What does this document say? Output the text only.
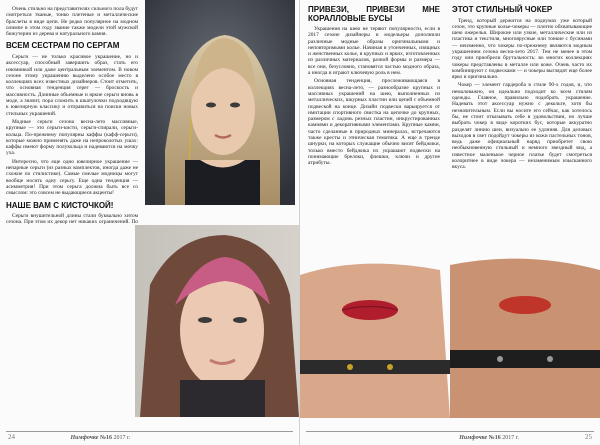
Очень стильно на представителях сильного пола будут смотреться тканые, тонко плетеные и металлические браслеты в виде цепи. Не редко популярное на модном олимпе в этом году звание также модели этой мужской бижутерии из дерева и натурального камня.

ВСЕМ СЕСТРАМ ПО СЕРГАМ

Серьги — не только красивое украшение, но и аксессуар, способный завершить образ, стать его изюминкой или даже центральным элементом. В новом сезоне этому украшению выделено особое место в коллекциях всех известных дизайнеров. Стоит отметить, что основная тенденция серег — броскость и массивность. Длинные объемные и яркие серьги вновь в моде, а значит, пора сложить в шкатулочки подходящую к ювелирную классику и отправиться на поиски новых стильных украшений.

Модные серьги сезона весна-лето массивные, крупные — это серьги-кисти, серьги-спирали, серьги-кольца. По-прежнему популярны каффы (кафф-серьги), которые можно применять даже на непроколотых ушах: каффы имеют форму полукольца и надеваются на мочку уха.

Интересно, что еще одно ювелирное украшение — непарные серьги (из разных комплектов, иногда даже не схожие по стилистике). Самые смелые модницы могут вообще носить одну серьгу. Еще одна тенденция — асимметрия! При этом серьга должна быть все со смыслом: это совсем не выдающиеся акценты!

НАШЕ ВАМ С КИСТОЧКОЙ!

Серьги внушительной длины стали буквально хитом сезона. При этом их декор нет никаких ограничений. По

24	Нимфочке №16 2017 г.
ПРИВЕЗИ, ПРИВЕЗИ МНЕ КОРАЛЛОВЫЕ БУСЫ

Украшения на шею не теряют популярности, если в 2017 сезоне дизайнеры и модельеры дополнили различные модные образы оригинальными и неповторимыми колье. Начиная в утонченных, изящных и женственных колье, в крупных и ярких, изготовленных из различных материалов, разной формы и размера — все они, безусловно, становятся частью модного образа, а иногда и играют ключевую роль в нем.

Основная тенденция, прослеживающаяся в коллекциях весна-лето, — разнообразие крупных и массивных украшений на шею, выполненных из металлических, шкурных пластин или цепей с объемной подвеской на конце. Дизайн подвески варьируется от имитации спортивного свистка на цепочке до крупных, размером с ладонь резных пластин, инкрустированных камнями и декоративными элементами. Крупные камни, часто сделанные в природных минералах, встречаются также кресты и этническая тематика. А еще в тренде шнурки, на которых служащие обычно висят бейджики, только вместо бейджика их украшают подвески на понимающие брелоки, флешки, ключи и другие атрибуты.

ЭТОТ СТИЛЬНЫЙ ЧОКЕР

Тренд, который держится на подиумах уже который сезон, это крупные колье-чокеры — плотно обхватывающие шею ожерелья. Широкие или узкие, металлические или из пластика и текстиля, многоярусные или тонкие с бусинами — неизменно, что чокеры по-прежнему являются модным украшением сезона весна-лето 2017. Тем не менее в этом году они приобрели брутальность: во многих коллекциях чокеры представлены в металле или коже. Очень часто их комбинируют с подвесками — и чокеры выглядят еще более ярко и оригинально.

Чокер — элемент гардероба в стиле 90-х годов, и, что немаловажно, он идеально подходит ко всем стилям одежды. Главное, правильно подобрать украшение. Надевать этот аксессуар нужно с декольте, хотя бы незначительным. Если вы носите его сейчас, как хотелось бы, не стоит отказывать себе в удовольствии, но лучше выбрать чокер в виде коротких бус, которые аккуратно разделят линию шеи, визуально ее удлиняя. Для деловых выходов в свет подойдут чокеры из кожи пастельных тонов, ведь даже официальный наряд приобретет свою необыкновенную стильный и немного звездный вид, а известное маленькое черное платье будет смотреться колоритнее в виде чокера — незаменимым изысканного вкуса.

Нимфочке №16 2017 г.	25
